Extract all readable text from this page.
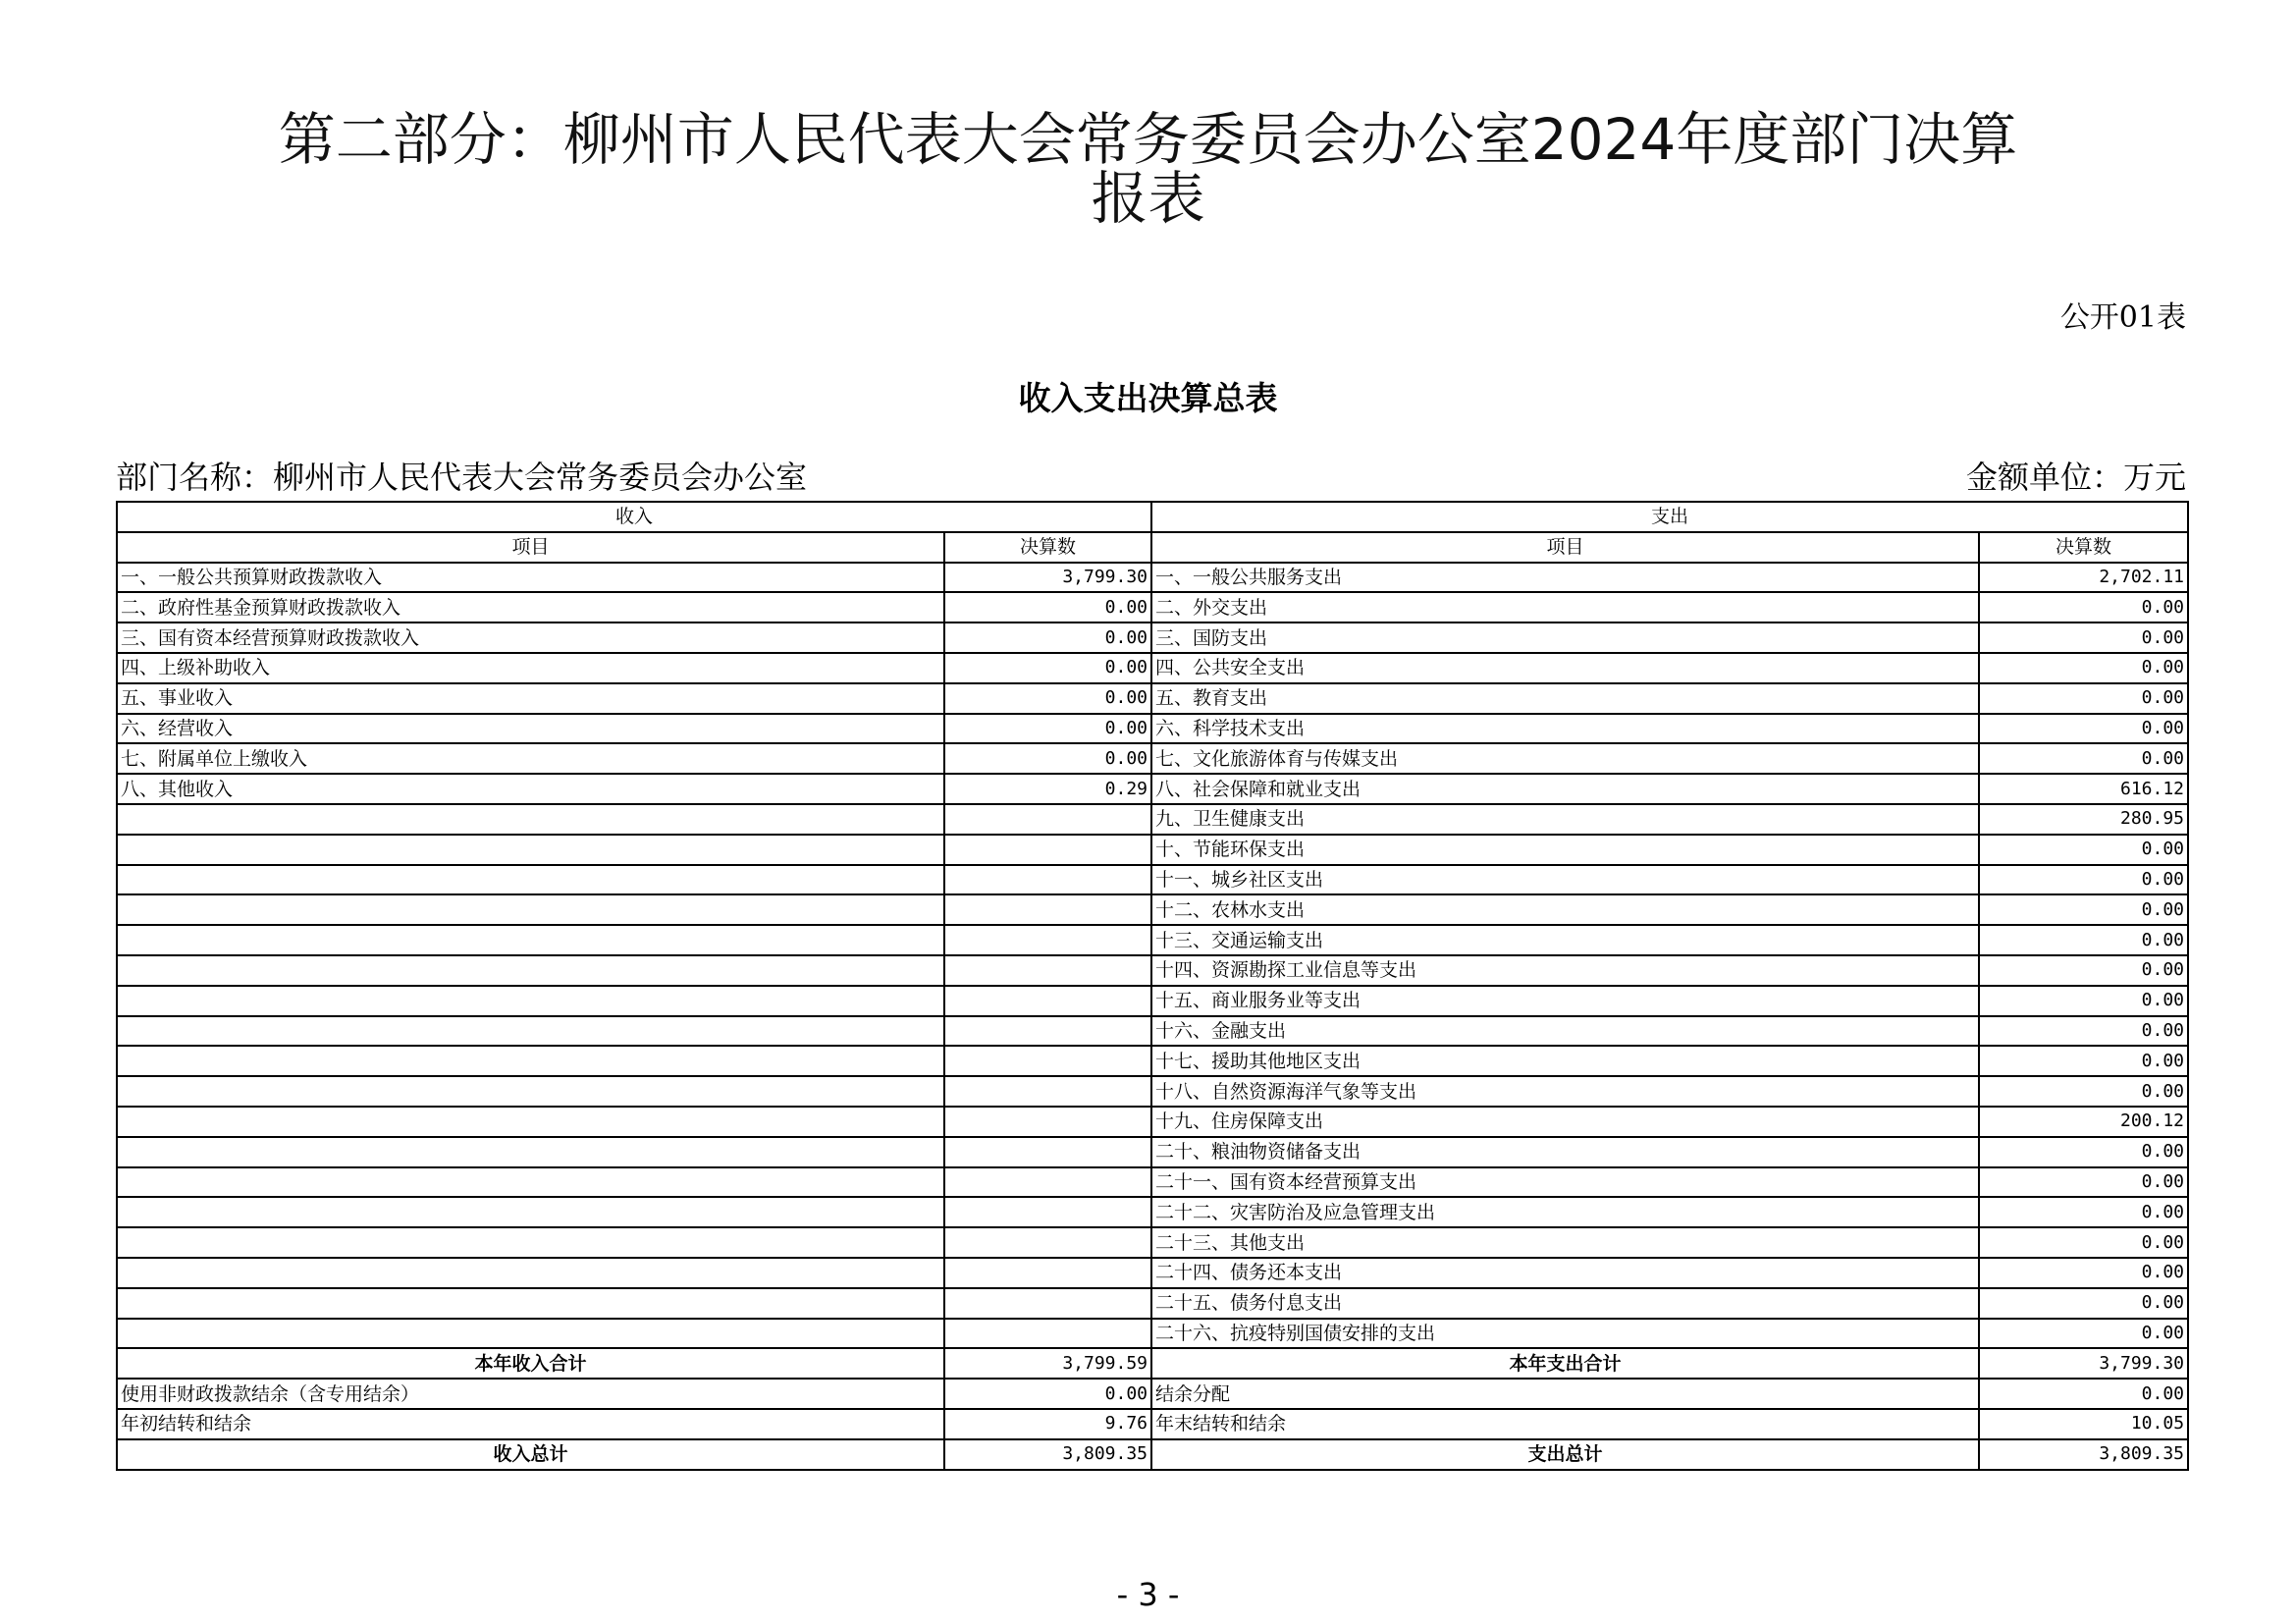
第二部分：柳州市人民代表大会常务委员会办公室2024年度部门决算
报表
公开01表
收入支出决算总表
部门名称：柳州市人民代表大会常务委员会办公室	金额单位：万元
收入		支出	
项目	决算数	项目	决算数
一、一般公共预算财政拨款收入	3,799.30	一、一般公共服务支出	2,702.11
二、政府性基金预算财政拨款收入	0.00	二、外交支出	0.00
三、国有资本经营预算财政拨款收入	0.00	三、国防支出	0.00
四、上级补助收入	0.00	四、公共安全支出	0.00
五、事业收入	0.00	五、教育支出	0.00
六、经营收入	0.00	六、科学技术支出	0.00
七、附属单位上缴收入	0.00	七、文化旅游体育与传媒支出	0.00
八、其他收入	0.29	八、社会保障和就业支出	616.12
		九、卫生健康支出	280.95
		十、节能环保支出	0.00
		十一、城乡社区支出	0.00
		十二、农林水支出	0.00
		十三、交通运输支出	0.00
		十四、资源勘探工业信息等支出	0.00
		十五、商业服务业等支出	0.00
		十六、金融支出	0.00
		十七、援助其他地区支出	0.00
		十八、自然资源海洋气象等支出	0.00
		十九、住房保障支出	200.12
		二十、粮油物资储备支出	0.00
		二十一、国有资本经营预算支出	0.00
		二十二、灾害防治及应急管理支出	0.00
		二十三、其他支出	0.00
		二十四、债务还本支出	0.00
		二十五、债务付息支出	0.00
		二十六、抗疫特别国债安排的支出	0.00
本年收入合计	3,799.59	本年支出合计	3,799.30
使用非财政拨款结余（含专用结余）	0.00	结余分配	0.00
年初结转和结余	9.76	年末结转和结余	10.05
收入总计	3,809.35	支出总计	3,809.35
- 3 -
